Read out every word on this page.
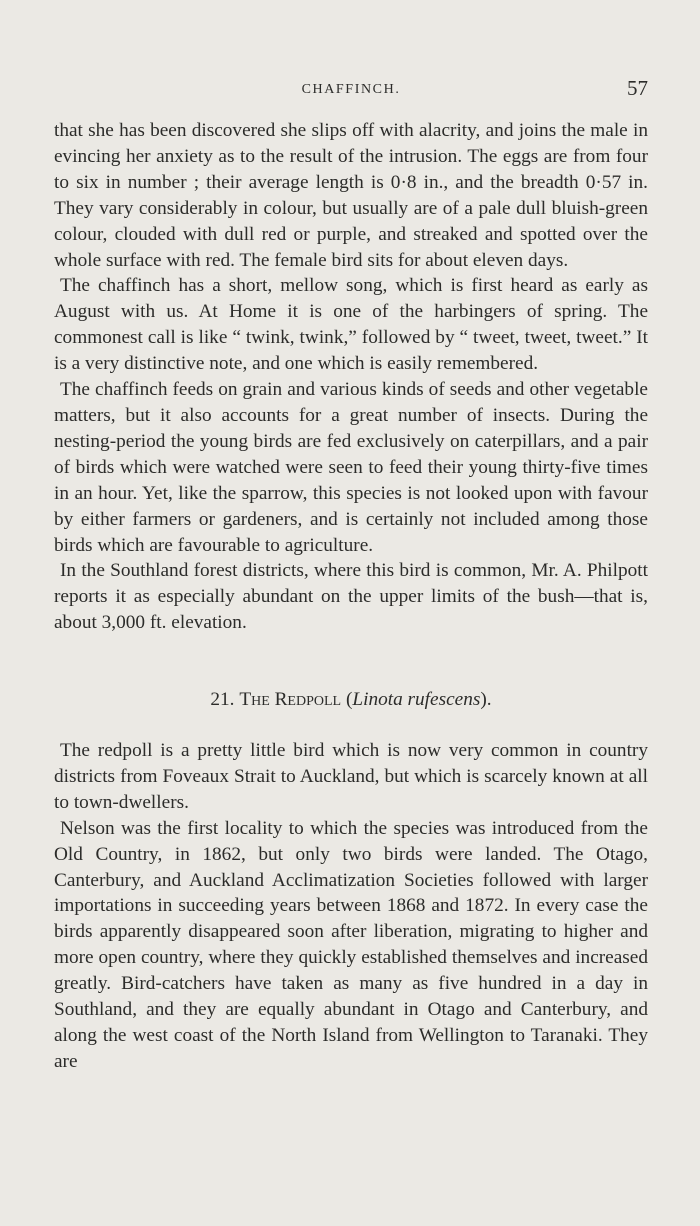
CHAFFINCH.	57

that she has been discovered she slips off with alacrity, and joins the male in evincing her anxiety as to the result of the intrusion. The eggs are from four to six in number ; their average length is 0·8 in., and the breadth 0·57 in. They vary considerably in colour, but usually are of a pale dull bluish-green colour, clouded with dull red or purple, and streaked and spotted over the whole surface with red. The female bird sits for about eleven days.

The chaffinch has a short, mellow song, which is first heard as early as August with us. At Home it is one of the harbingers of spring. The commonest call is like “ twink, twink,” followed by “ tweet, tweet, tweet.” It is a very distinctive note, and one which is easily remembered.

The chaffinch feeds on grain and various kinds of seeds and other vegetable matters, but it also accounts for a great number of insects. During the nesting-period the young birds are fed exclusively on caterpillars, and a pair of birds which were watched were seen to feed their young thirty-five times in an hour. Yet, like the sparrow, this species is not looked upon with favour by either farmers or gardeners, and is certainly not included among those birds which are favourable to agriculture.

In the Southland forest districts, where this bird is common, Mr. A. Philpott reports it as especially abundant on the upper limits of the bush—that is, about 3,000 ft. elevation.

21. The Redpoll (Linota rufescens).

The redpoll is a pretty little bird which is now very common in country districts from Foveaux Strait to Auckland, but which is scarcely known at all to town-dwellers.

Nelson was the first locality to which the species was introduced from the Old Country, in 1862, but only two birds were landed. The Otago, Canterbury, and Auckland Acclimatization Societies followed with larger importations in succeeding years between 1868 and 1872. In every case the birds apparently disappeared soon after liberation, migrating to higher and more open country, where they quickly established themselves and increased greatly. Bird-catchers have taken as many as five hundred in a day in Southland, and they are equally abundant in Otago and Canterbury, and along the west coast of the North Island from Wellington to Taranaki. They are
